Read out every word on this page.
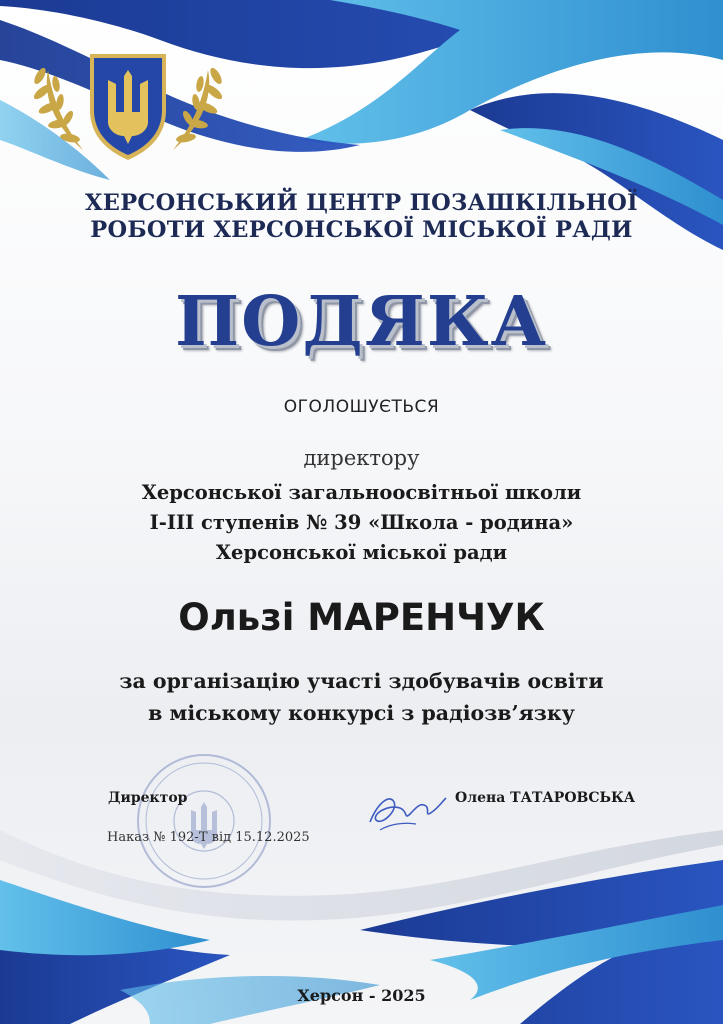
ХЕРСОНСЬКИЙ ЦЕНТР ПОЗАШКІЛЬНОЇ
РОБОТИ ХЕРСОНСЬКОЇ МІСЬКОЇ РАДИ
ПОДЯКА
ОГОЛОШУЄТЬСЯ
директору
Херсонської загальноосвітньої школи
І-ІІІ ступенів № 39 «Школа - родина»
Херсонської міської ради
Ользі МАРЕНЧУК
за організацію участі здобувачів освіти
в міському конкурсі з радіозв’язку
Директор	Олена ТАТАРОВСЬКА
Наказ № 192-Т від 15.12.2025
Херсон - 2025
